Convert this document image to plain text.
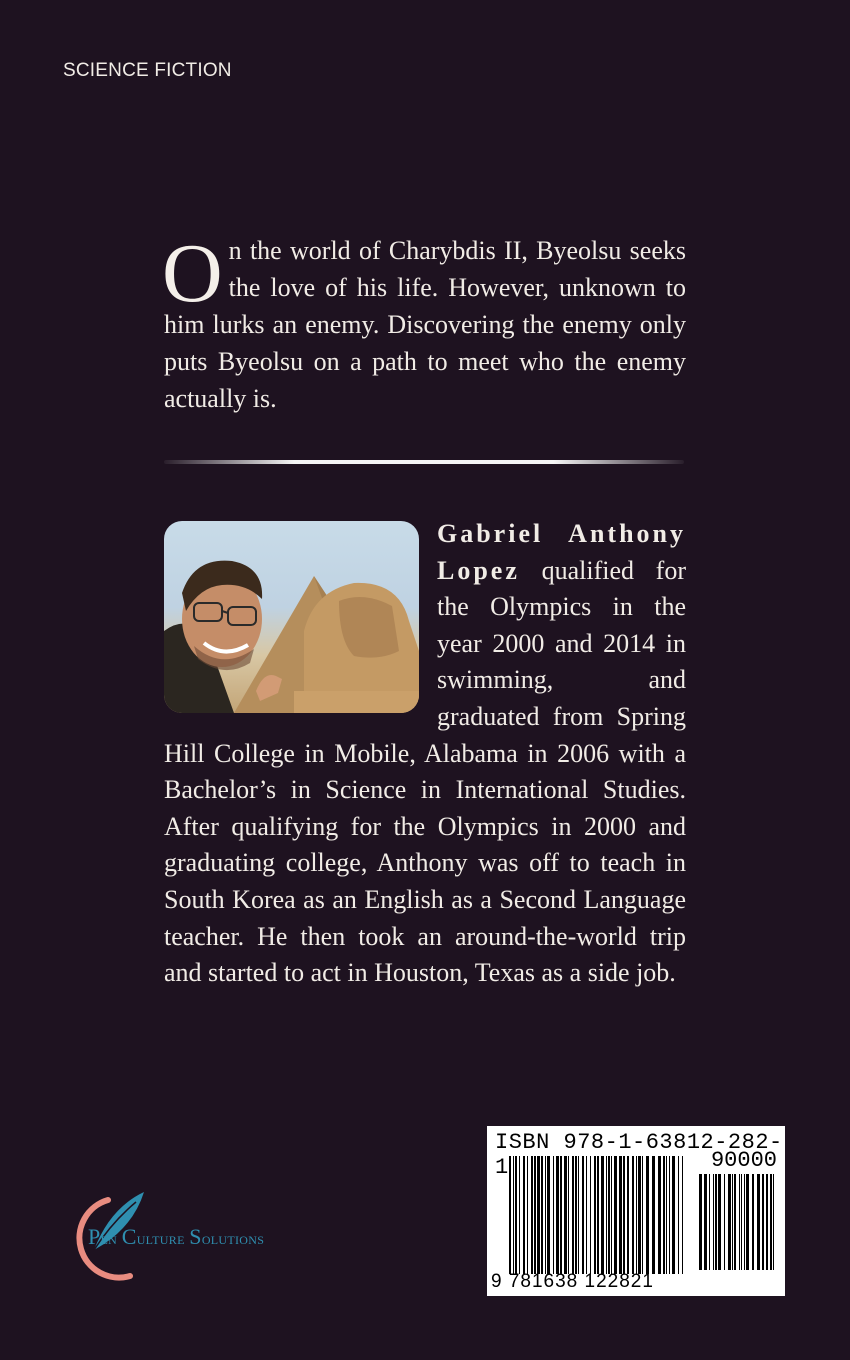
SCIENCE FICTION

On the world of Charybdis II, Byeolsu seeks the love of his life. However, unknown to him lurks an enemy. Discovering the enemy only puts Byeolsu on a path to meet who the enemy actually is.

Gabriel Anthony Lopez qualified for the Olympics in the year 2000 and 2014 in swimming, and graduated from Spring Hill College in Mobile, Alabama in 2006 with a Bachelor’s in Science in International Studies. After qualifying for the Olympics in 2000 and graduating college, Anthony was off to teach in South Korea as an English as a Second Language teacher. He then took an around-the-world trip and started to act in Houston, Texas as a side job.

Pen Culture Solutions
ISBN 978-1-63812-282-1	90000
9 781638 122821
